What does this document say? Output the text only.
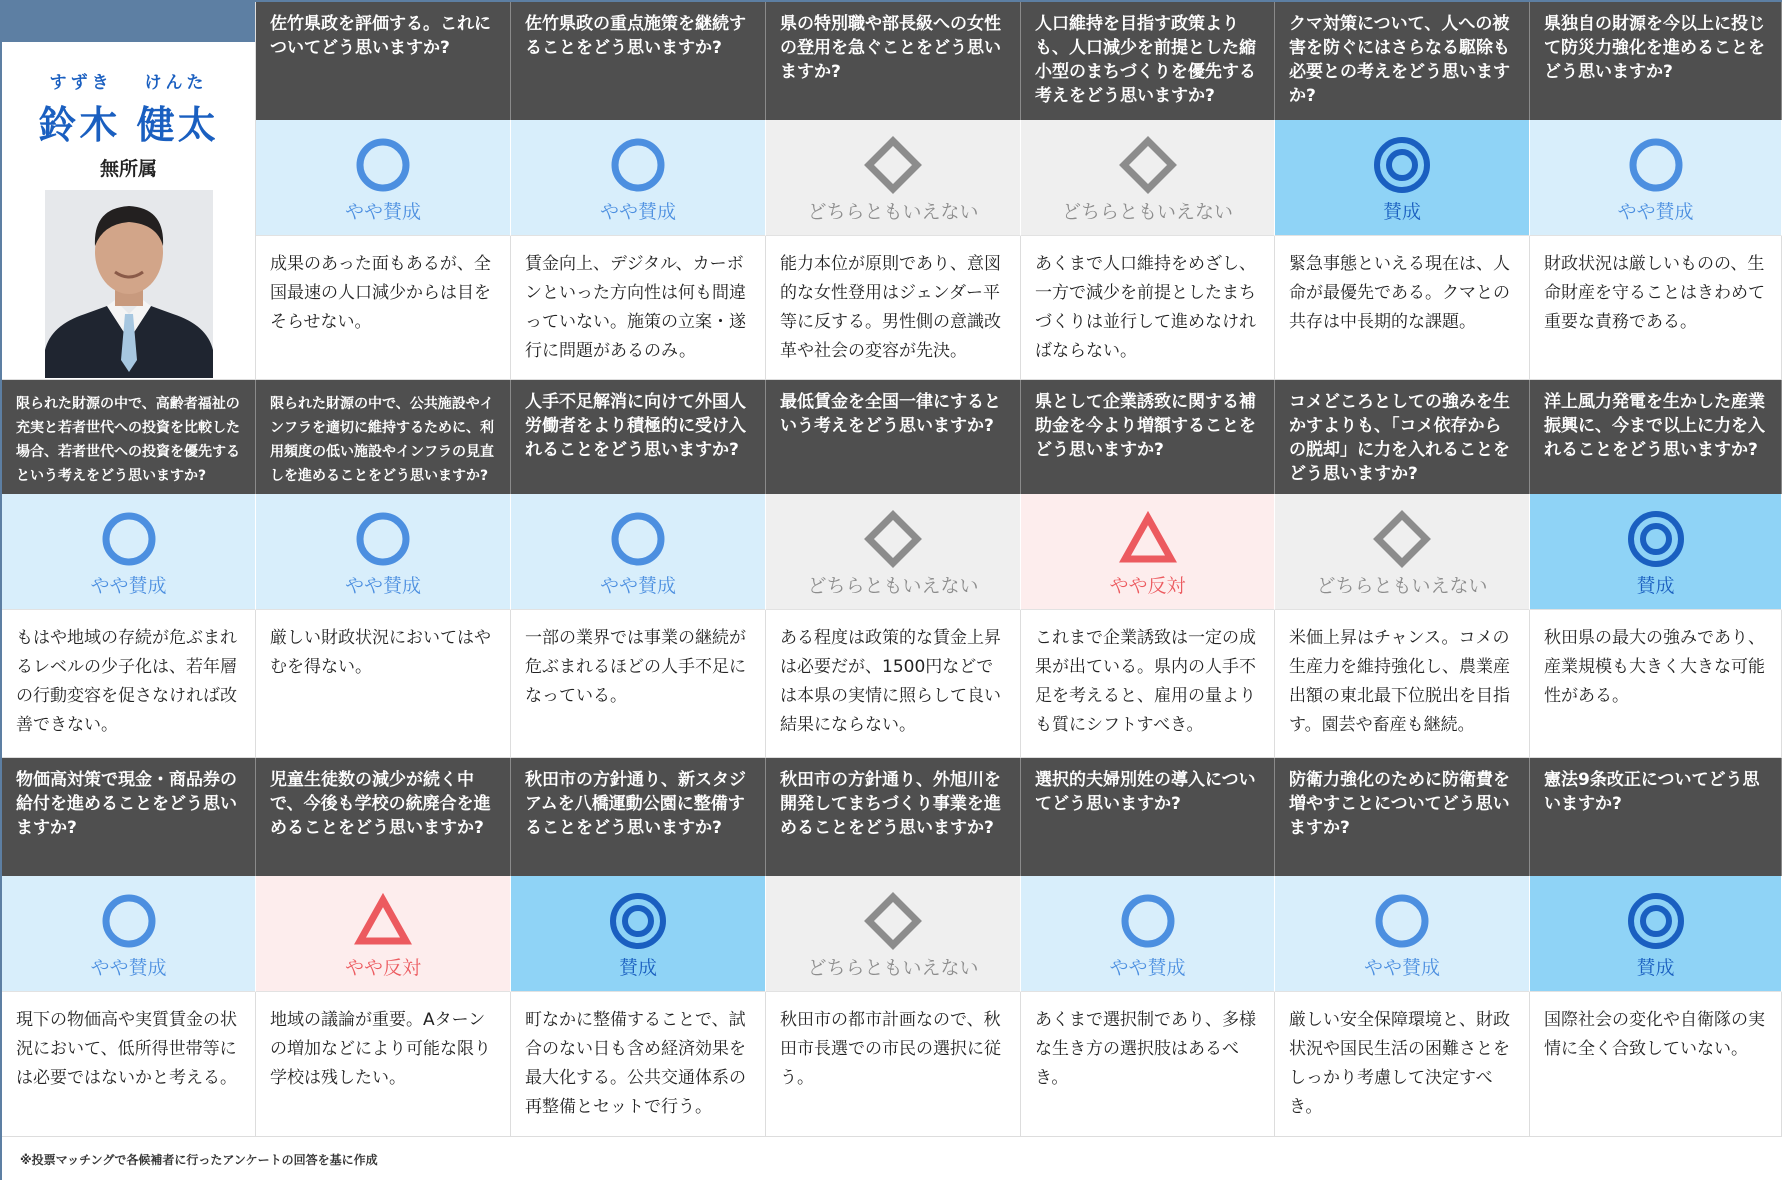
すずき けんた
鈴木 健太
無所属
佐竹県政を評価する。これについてどう思いますか?
やや賛成
成果のあった面もあるが、全国最速の人口減少からは目をそらせない。
佐竹県政の重点施策を継続することをどう思いますか?
やや賛成
賃金向上、デジタル、カーボンといった方向性は何も間違っていない。施策の立案・遂行に問題があるのみ。
県の特別職や部長級への女性の登用を急ぐことをどう思いますか?
どちらともいえない
能力本位が原則であり、意図的な女性登用はジェンダー平等に反する。男性側の意識改革や社会の変容が先決。
人口維持を目指す政策よりも、人口減少を前提とした縮小型のまちづくりを優先する考えをどう思いますか?
どちらともいえない
あくまで人口維持をめざし、一方で減少を前提としたまちづくりは並行して進めなければならない。
クマ対策について、人への被害を防ぐにはさらなる駆除も必要との考えをどう思いますか?
賛成
緊急事態といえる現在は、人命が最優先である。クマとの共存は中長期的な課題。
県独自の財源を今以上に投じて防災力強化を進めることをどう思いますか?
やや賛成
財政状況は厳しいものの、生命財産を守ることはきわめて重要な責務である。
限られた財源の中で、高齢者福祉の充実と若者世代への投資を比較した場合、若者世代への投資を優先するという考えをどう思いますか?
やや賛成
もはや地域の存続が危ぶまれるレベルの少子化は、若年層の行動変容を促さなければ改善できない。
限られた財源の中で、公共施設やインフラを適切に維持するために、利用頻度の低い施設やインフラの見直しを進めることをどう思いますか?
やや賛成
厳しい財政状況においてはやむを得ない。
人手不足解消に向けて外国人労働者をより積極的に受け入れることをどう思いますか?
やや賛成
一部の業界では事業の継続が危ぶまれるほどの人手不足になっている。
最低賃金を全国一律にするという考えをどう思いますか?
どちらともいえない
ある程度は政策的な賃金上昇は必要だが、1500円などでは本県の実情に照らして良い結果にならない。
県として企業誘致に関する補助金を今より増額することをどう思いますか?
やや反対
これまで企業誘致は一定の成果が出ている。県内の人手不足を考えると、雇用の量よりも質にシフトすべき。
コメどころとしての強みを生かすよりも、「コメ依存からの脱却」に力を入れることをどう思いますか?
どちらともいえない
米価上昇はチャンス。コメの生産力を維持強化し、農業産出額の東北最下位脱出を目指す。園芸や畜産も継続。
洋上風力発電を生かした産業振興に、今まで以上に力を入れることをどう思いますか?
賛成
秋田県の最大の強みであり、産業規模も大きく大きな可能性がある。
物価高対策で現金・商品券の給付を進めることをどう思いますか?
やや賛成
現下の物価高や実質賃金の状況において、低所得世帯等には必要ではないかと考える。
児童生徒数の減少が続く中で、今後も学校の統廃合を進めることをどう思いますか?
やや反対
地域の議論が重要。Aターンの増加などにより可能な限り学校は残したい。
秋田市の方針通り、新スタジアムを八橋運動公園に整備することをどう思いますか?
賛成
町なかに整備することで、試合のない日も含め経済効果を最大化する。公共交通体系の再整備とセットで行う。
秋田市の方針通り、外旭川を開発してまちづくり事業を進めることをどう思いますか?
どちらともいえない
秋田市の都市計画なので、秋田市長選での市民の選択に従う。
選択的夫婦別姓の導入についてどう思いますか?
やや賛成
あくまで選択制であり、多様な生き方の選択肢はあるべき。
防衛力強化のために防衛費を増やすことについてどう思いますか?
やや賛成
厳しい安全保障環境と、財政状況や国民生活の困難さとをしっかり考慮して決定すべき。
憲法9条改正についてどう思いますか?
賛成
国際社会の変化や自衛隊の実情に全く合致していない。
※投票マッチングで各候補者に行ったアンケートの回答を基に作成
